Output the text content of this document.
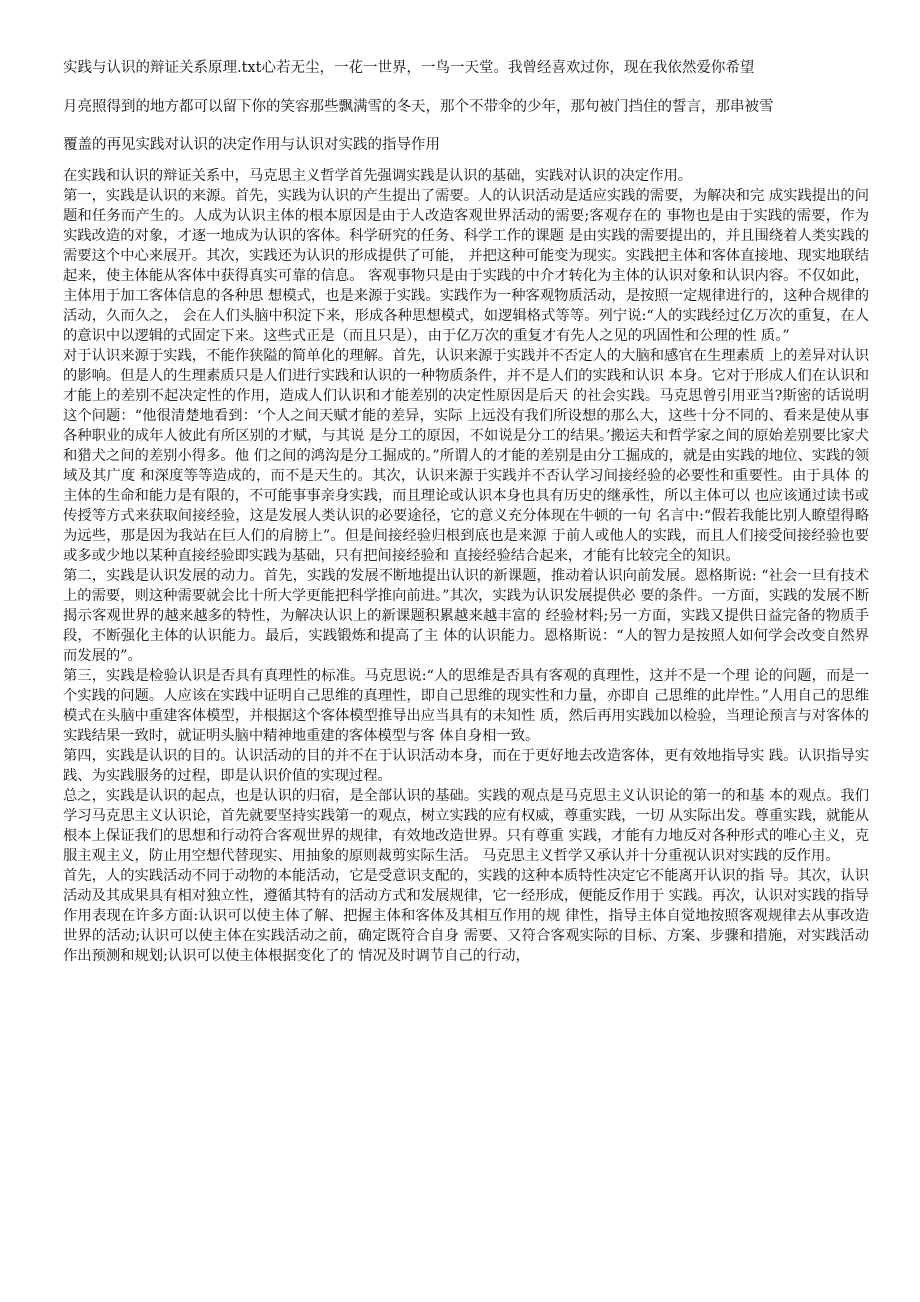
实践与认识的辩证关系原理.txt心若无尘，一花一世界，一鸟一天堂。我曾经喜欢过你，现在我依然爱你希望
月亮照得到的地方都可以留下你的笑容那些飘满雪的冬天，那个不带伞的少年，那句被门挡住的誓言，那串被雪
覆盖的再见实践对认识的决定作用与认识对实践的指导作用

在实践和认识的辩证关系中，马克思主义哲学首先强调实践是认识的基础，实践对认识的决定作用。

第一，实践是认识的来源。首先，实践为认识的产生提出了需要。人的认识活动是适应实践的需要，为解决和完 成实践提出的问题和任务而产生的。人成为认识主体的根本原因是由于人改造客观世界活动的需要;客观存在的 事物也是由于实践的需要，作为实践改造的对象，才逐一地成为认识的客体。科学研究的任务、科学工作的课题 是由实践的需要提出的，并且围绕着人类实践的需要这个中心来展开。其次，实践还为认识的形成提供了可能， 并把这种可能变为现实。实践把主体和客体直接地、现实地联结起来，使主体能从客体中获得真实可靠的信息。 客观事物只是由于实践的中介才转化为主体的认识对象和认识内容。不仅如此，主体用于加工客体信息的各种思 想模式，也是来源于实践。实践作为一种客观物质活动，是按照一定规律进行的，这种合规律的活动，久而久之， 会在人们头脑中积淀下来，形成各种思想模式，如逻辑格式等等。列宁说:“人的实践经过亿万次的重复，在人 的意识中以逻辑的式固定下来。这些式正是（而且只是），由于亿万次的重复才有先人之见的巩固性和公理的性 质。”

对于认识来源于实践，不能作狭隘的简单化的理解。首先，认识来源于实践并不否定人的大脑和感官在生理素质 上的差异对认识的影响。但是人的生理素质只是人们进行实践和认识的一种物质条件，并不是人们的实践和认识 本身。它对于形成人们在认识和才能上的差别不起决定性的作用，造成人们认识和才能差别的决定性原因是后天 的社会实践。马克思曾引用亚当?斯密的话说明这个问题：“他很清楚地看到：‘个人之间天赋才能的差异，实际 上远没有我们所设想的那么大，这些十分不同的、看来是使从事各种职业的成年人彼此有所区别的才赋，与其说 是分工的原因，不如说是分工的结果。’搬运夫和哲学家之间的原始差别要比家犬和猎犬之间的差别小得多。他 们之间的鸿沟是分工掘成的。”所谓人的才能的差别是由分工掘成的，就是由实践的地位、实践的领域及其广度 和深度等等造成的，而不是天生的。其次，认识来源于实践并不否认学习间接经验的必要性和重要性。由于具体 的主体的生命和能力是有限的，不可能事事亲身实践，而且理论或认识本身也具有历史的继承性，所以主体可以 也应该通过读书或传授等方式来获取间接经验，这是发展人类认识的必要途径，它的意义充分体现在牛顿的一句 名言中:“假若我能比别人瞭望得略为远些，那是因为我站在巨人们的肩膀上”。但是间接经验归根到底也是来源 于前人或他人的实践，而且人们接受间接经验也要或多或少地以某种直接经验即实践为基础，只有把间接经验和 直接经验结合起来，才能有比较完全的知识。

第二，实践是认识发展的动力。首先，实践的发展不断地提出认识的新课题，推动着认识向前发展。恩格斯说: “社会一旦有技术上的需要，则这种需要就会比十所大学更能把科学推向前进。”其次，实践为认识发展提供必 要的条件。一方面，实践的发展不断揭示客观世界的越来越多的特性，为解决认识上的新课题积累越来越丰富的 经验材料;另一方面，实践又提供日益完备的物质手段，不断强化主体的认识能力。最后，实践锻炼和提高了主 体的认识能力。恩格斯说：“人的智力是按照人如何学会改变自然界而发展的”。

第三，实践是检验认识是否具有真理性的标准。马克思说:“人的思维是否具有客观的真理性，这并不是一个理 论的问题，而是一个实践的问题。人应该在实践中证明自己思维的真理性，即自己思维的现实性和力量，亦即自 己思维的此岸性。”人用自己的思维模式在头脑中重建客体模型，并根据这个客体模型推导出应当具有的未知性 质，然后再用实践加以检验，当理论预言与对客体的实践结果一致时，就证明头脑中精神地重建的客体模型与客 体自身相一致。

第四，实践是认识的目的。认识活动的目的并不在于认识活动本身，而在于更好地去改造客体，更有效地指导实 践。认识指导实践、为实践服务的过程，即是认识价值的实现过程。

总之，实践是认识的起点，也是认识的归宿，是全部认识的基础。实践的观点是马克思主义认识论的第一的和基 本的观点。我们学习马克思主义认识论，首先就要坚持实践第一的观点，树立实践的应有权威，尊重实践，一切 从实际出发。尊重实践，就能从根本上保证我们的思想和行动符合客观世界的规律，有效地改造世界。只有尊重 实践，才能有力地反对各种形式的唯心主义，克服主观主义，防止用空想代替现实、用抽象的原则裁剪实际生活。 马克思主义哲学又承认并十分重视认识对实践的反作用。

首先，人的实践活动不同于动物的本能活动，它是受意识支配的，实践的这种本质特性决定它不能离开认识的指 导。其次，认识活动及其成果具有相对独立性，遵循其特有的活动方式和发展规律，它一经形成，便能反作用于 实践。再次，认识对实践的指导作用表现在许多方面:认识可以使主体了解、把握主体和客体及其相互作用的规 律性，指导主体自觉地按照客观规律去从事改造世界的活动;认识可以使主体在实践活动之前，确定既符合自身 需要、又符合客观实际的目标、方案、步骤和措施，对实践活动作出预测和规划;认识可以使主体根据变化了的 情况及时调节自己的行动，
